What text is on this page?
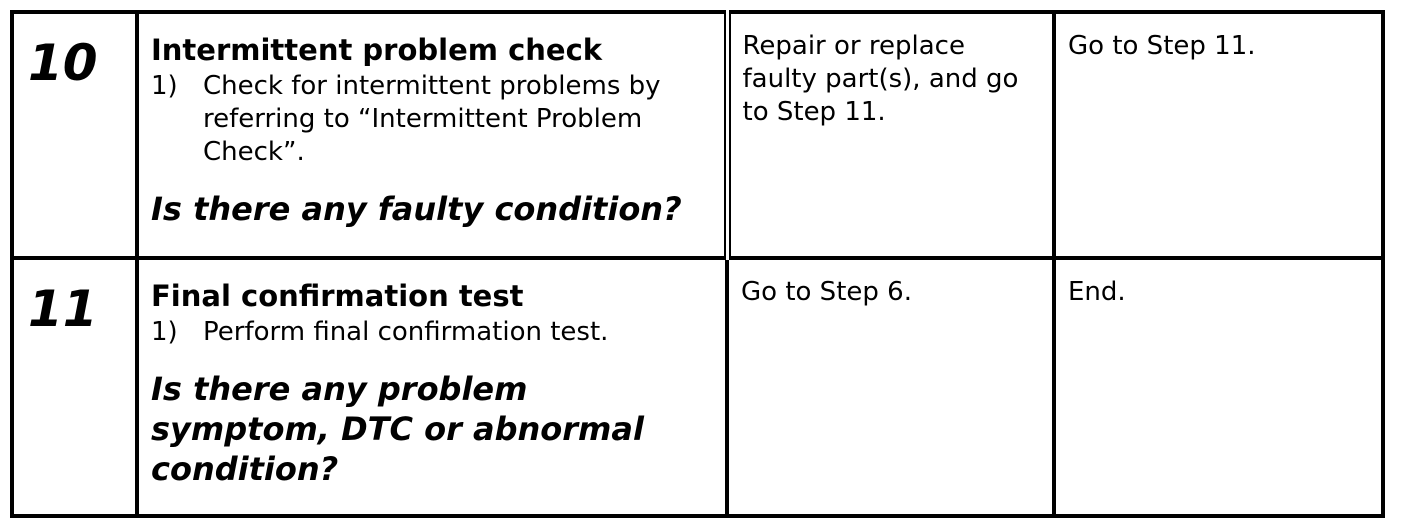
10	Intermittent problem check
1) Check for intermittent problems by referring to “Intermittent Problem Check”.
Is there any faulty condition?	Repair or replace faulty part(s), and go to Step 11.	Go to Step 11.

11	Final confirmation test
1) Perform final confirmation test.
Is there any problem symptom, DTC or abnormal condition?	Go to Step 6.	End.
